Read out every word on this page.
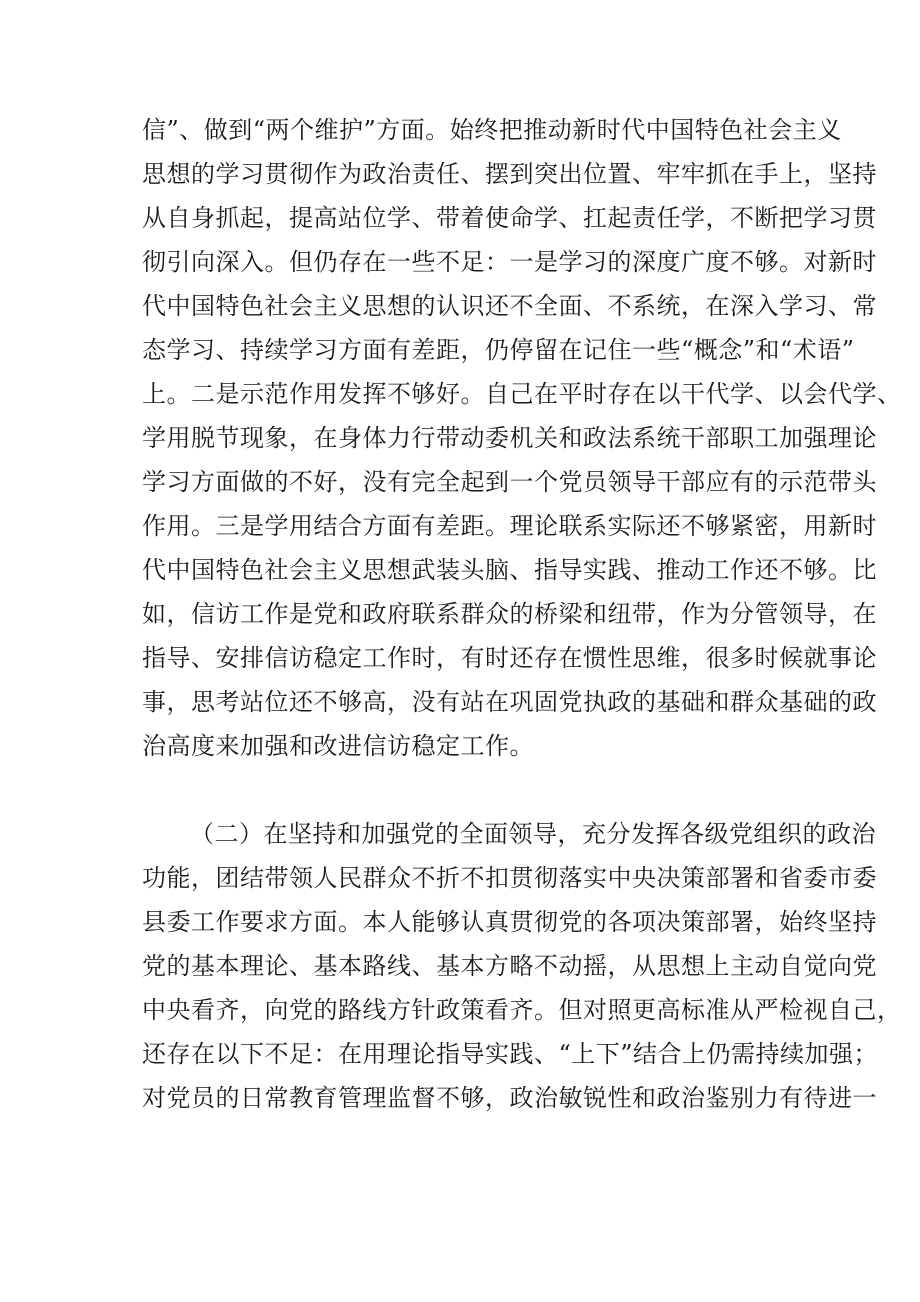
信”、做到“两个维护”方面。始终把推动新时代中国特色社会主义
思想的学习贯彻作为政治责任、摆到突出位置、牢牢抓在手上，坚持
从自身抓起，提高站位学、带着使命学、扛起责任学，不断把学习贯
彻引向深入。但仍存在一些不足：一是学习的深度广度不够。对新时
代中国特色社会主义思想的认识还不全面、不系统，在深入学习、常
态学习、持续学习方面有差距，仍停留在记住一些“概念”和“术语”
上。二是示范作用发挥不够好。自己在平时存在以干代学、以会代学、
学用脱节现象，在身体力行带动委机关和政法系统干部职工加强理论
学习方面做的不好，没有完全起到一个党员领导干部应有的示范带头
作用。三是学用结合方面有差距。理论联系实际还不够紧密，用新时
代中国特色社会主义思想武装头脑、指导实践、推动工作还不够。比
如，信访工作是党和政府联系群众的桥梁和纽带，作为分管领导，在
指导、安排信访稳定工作时，有时还存在惯性思维，很多时候就事论
事，思考站位还不够高，没有站在巩固党执政的基础和群众基础的政
治高度来加强和改进信访稳定工作。
（二）在坚持和加强党的全面领导，充分发挥各级党组织的政治
功能，团结带领人民群众不折不扣贯彻落实中央决策部署和省委市委
县委工作要求方面。本人能够认真贯彻党的各项决策部署，始终坚持
党的基本理论、基本路线、基本方略不动摇，从思想上主动自觉向党
中央看齐，向党的路线方针政策看齐。但对照更高标准从严检视自己，
还存在以下不足：在用理论指导实践、“上下”结合上仍需持续加强；
对党员的日常教育管理监督不够，政治敏锐性和政治鉴别力有待进一
